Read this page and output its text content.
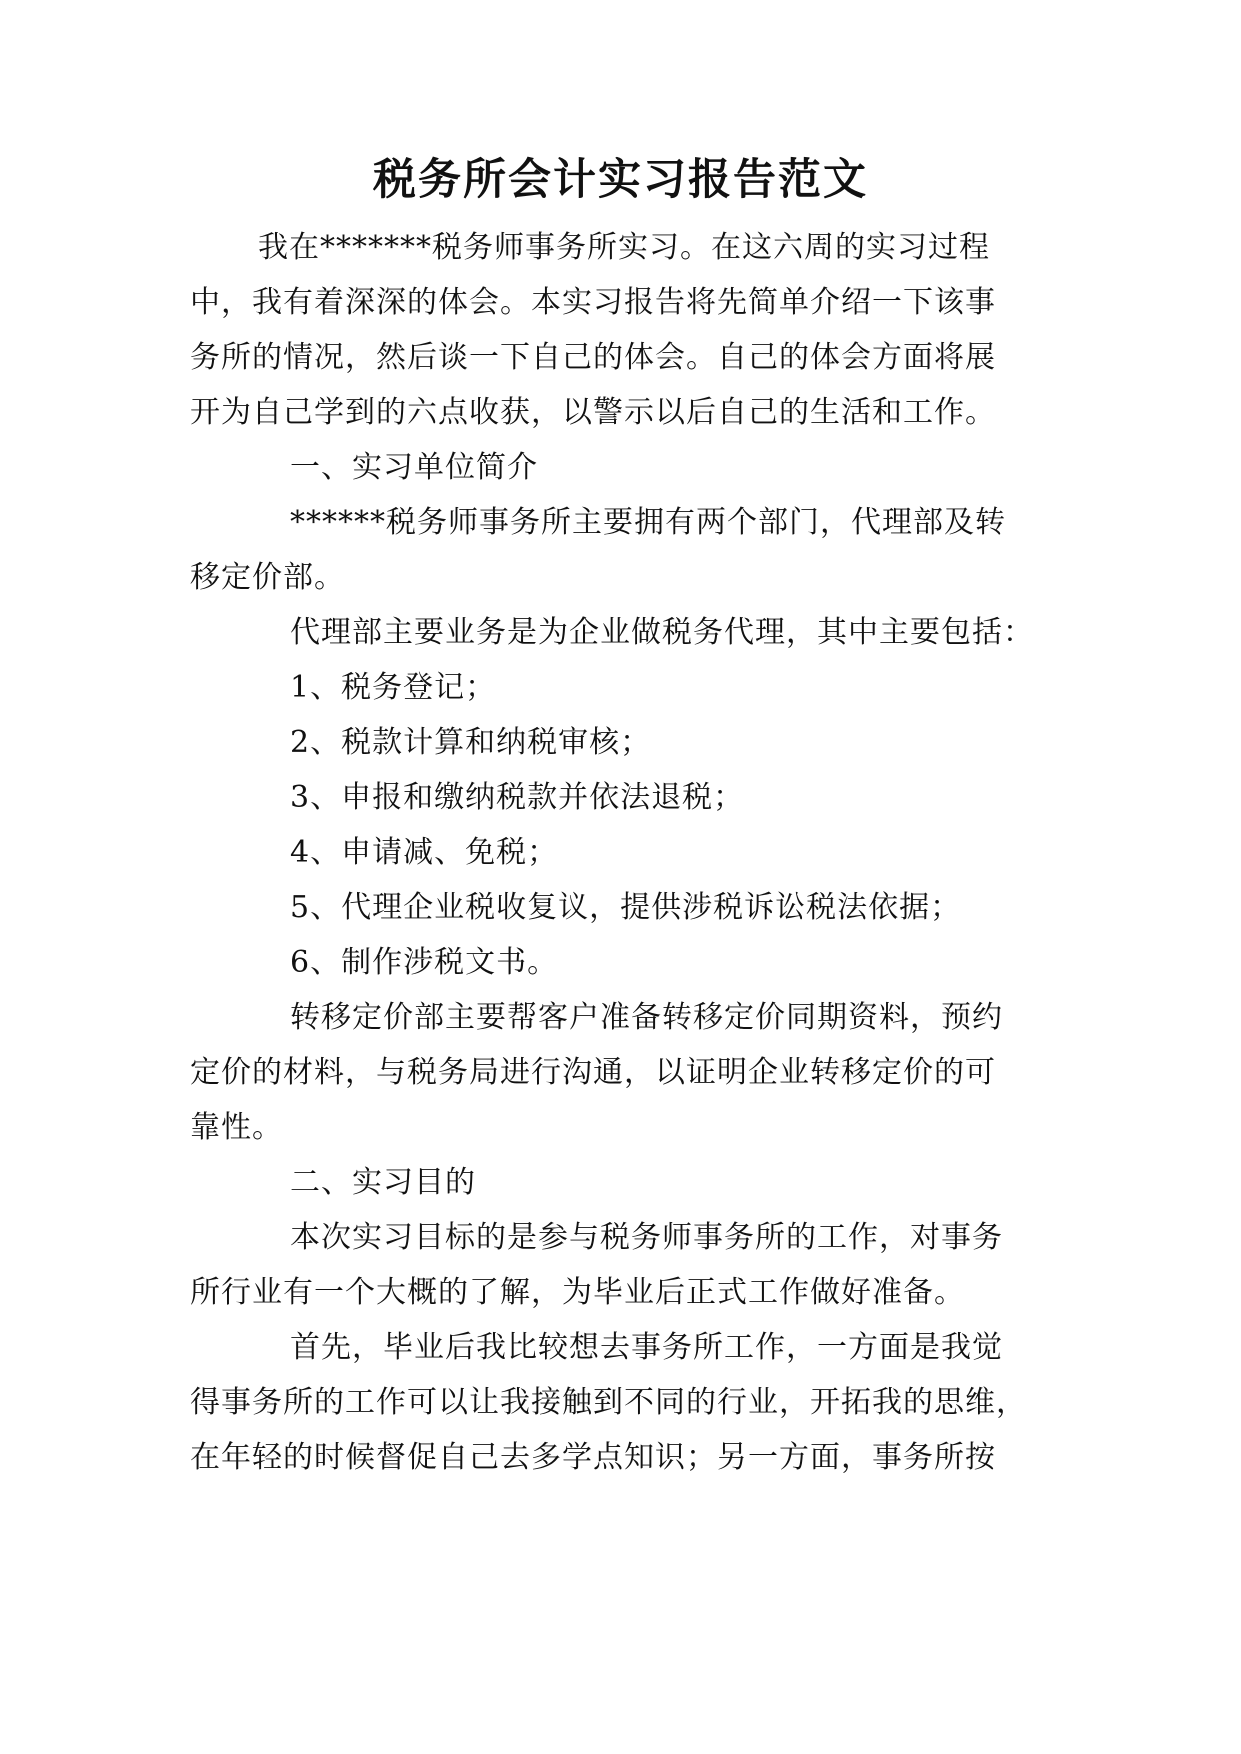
税务所会计实习报告范文
我在*******税务师事务所实习。在这六周的实习过程
中，我有着深深的体会。本实习报告将先简单介绍一下该事
务所的情况，然后谈一下自己的体会。自己的体会方面将展
开为自己学到的六点收获，以警示以后自己的生活和工作。
一、实习单位简介
******税务师事务所主要拥有两个部门，代理部及转
移定价部。
代理部主要业务是为企业做税务代理，其中主要包括：
1、税务登记；
2、税款计算和纳税审核；
3、申报和缴纳税款并依法退税；
4、申请减、免税；
5、代理企业税收复议，提供涉税诉讼税法依据；
6、制作涉税文书。
转移定价部主要帮客户准备转移定价同期资料，预约
定价的材料，与税务局进行沟通，以证明企业转移定价的可
靠性。
二、实习目的
本次实习目标的是参与税务师事务所的工作，对事务
所行业有一个大概的了解，为毕业后正式工作做好准备。
首先，毕业后我比较想去事务所工作，一方面是我觉
得事务所的工作可以让我接触到不同的行业，开拓我的思维，
在年轻的时候督促自己去多学点知识；另一方面，事务所按
